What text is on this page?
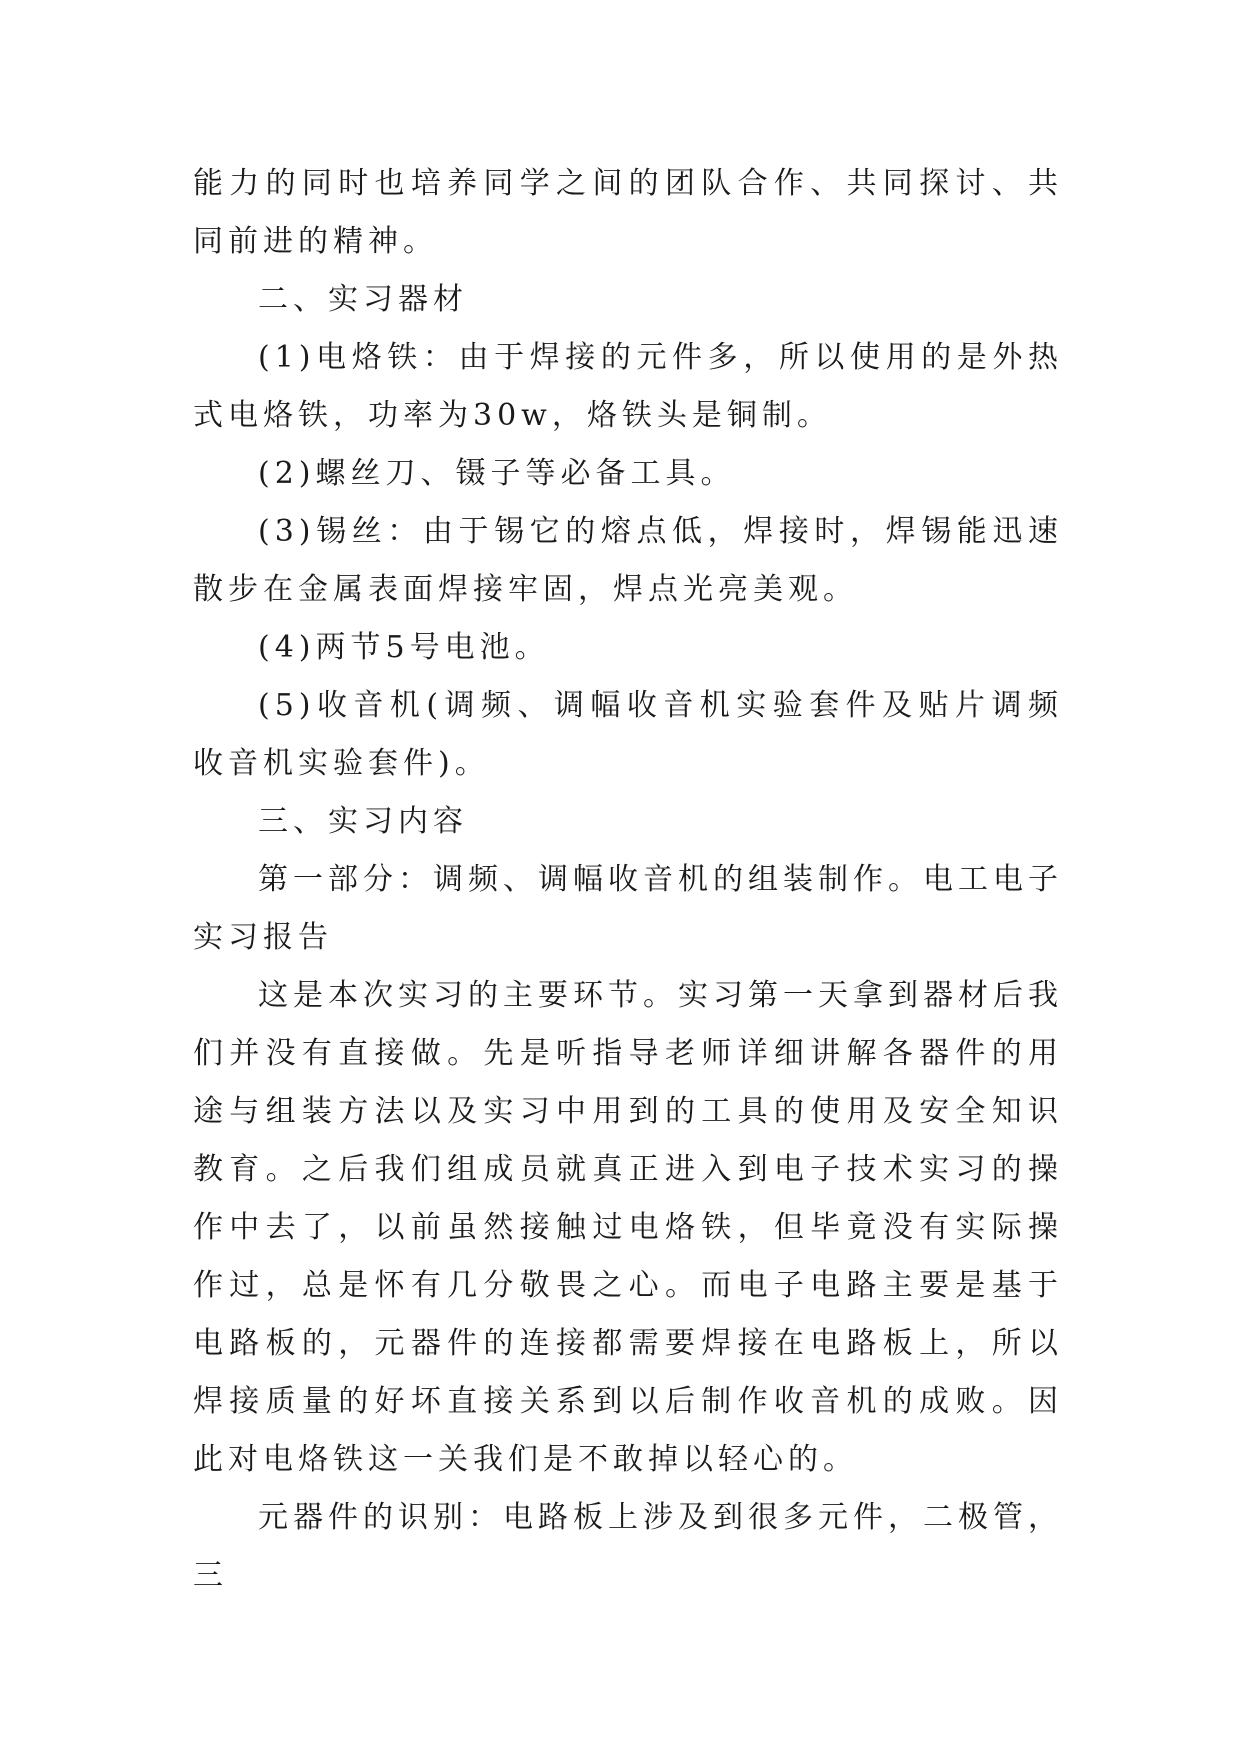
能力的同时也培养同学之间的团队合作、共同探讨、共同前进的精神。

二、实习器材

(1)电烙铁：由于焊接的元件多，所以使用的是外热式电烙铁，功率为30w，烙铁头是铜制。

(2)螺丝刀、镊子等必备工具。

(3)锡丝：由于锡它的熔点低，焊接时，焊锡能迅速散步在金属表面焊接牢固，焊点光亮美观。

(4)两节5号电池。

(5)收音机(调频、调幅收音机实验套件及贴片调频收音机实验套件)。

三、实习内容

第一部分：调频、调幅收音机的组装制作。电工电子实习报告

这是本次实习的主要环节。实习第一天拿到器材后我们并没有直接做。先是听指导老师详细讲解各器件的用途与组装方法以及实习中用到的工具的使用及安全知识教育。之后我们组成员就真正进入到电子技术实习的操作中去了，以前虽然接触过电烙铁，但毕竟没有实际操作过，总是怀有几分敬畏之心。而电子电路主要是基于电路板的，元器件的连接都需要焊接在电路板上，所以焊接质量的好坏直接关系到以后制作收音机的成败。因此对电烙铁这一关我们是不敢掉以轻心的。

元器件的识别：电路板上涉及到很多元件，二极管，三
